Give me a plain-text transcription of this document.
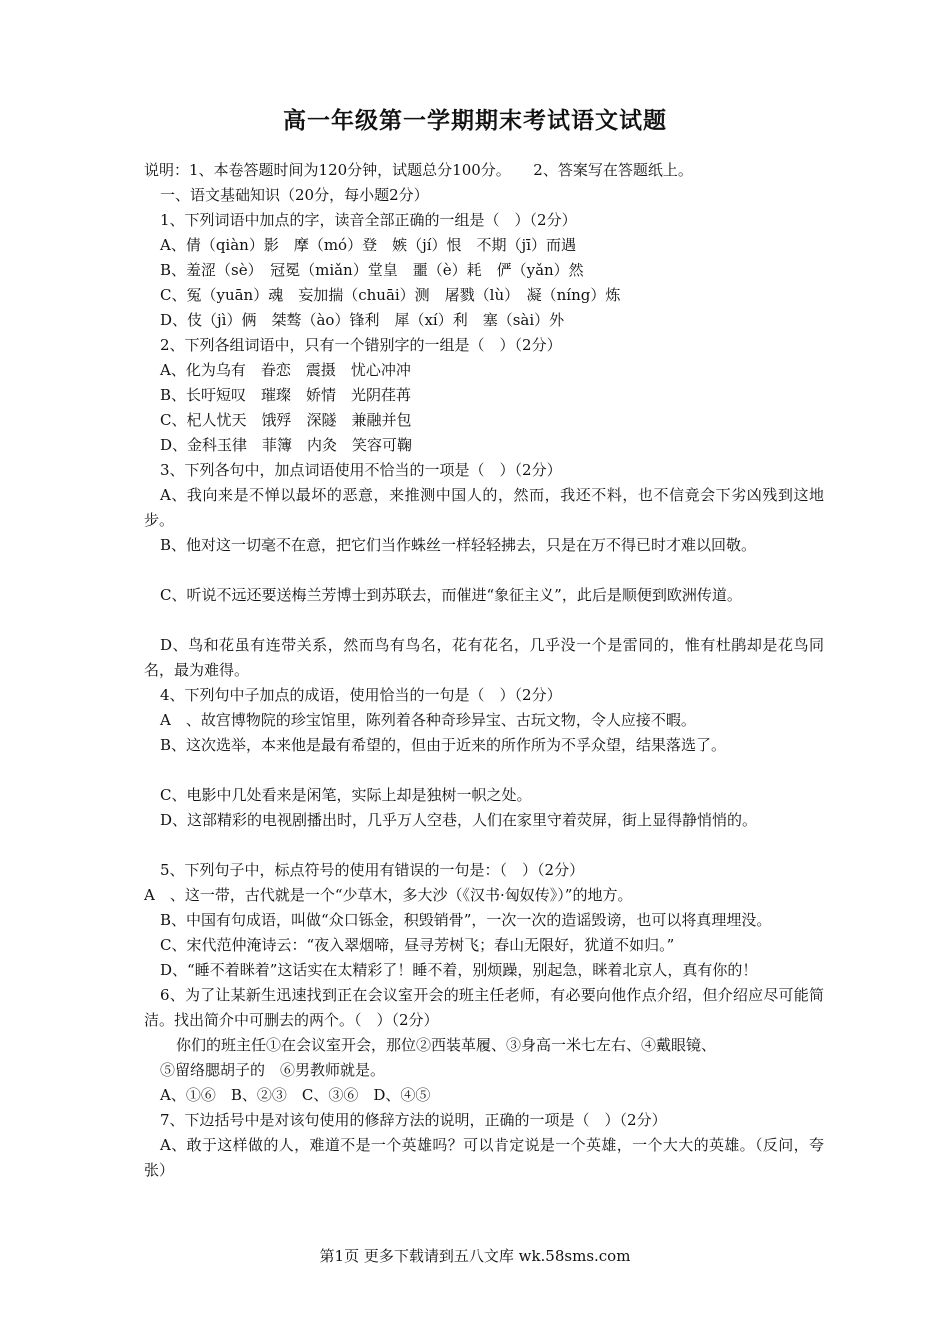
高一年级第一学期期末考试语文试题
说明：1、本卷答题时间为120分钟，试题总分100分。　　2、答案写在答题纸上。
一、语文基础知识（20分，每小题2分）
1、下列词语中加点的字，读音全部正确的一组是（　）（2分）
A、倩（qiàn）影　摩（mó）登　嫉（jí）恨　不期（jī）而遇
B、羞涩（sè）　冠冕（miǎn）堂皇　噩（è）耗　俨（yǎn）然
C、冤（yuān）魂　妄加揣（chuāi）测　屠戮（lù）　凝（níng）炼
D、伎（jì）俩　桀骜（ào）锋利　犀（xí）利　塞（sài）外
2、下列各组词语中，只有一个错别字的一组是（　）（2分）
A、化为乌有　眷恋　震摄　忧心冲冲
B、长吁短叹　璀璨　娇情　光阴荏苒
C、杞人忧天　饿殍　深隧　兼融并包
D、金科玉律　菲簿　内灸　笑容可鞠
3、下列各句中，加点词语使用不恰当的一项是（　）（2分）
A、我向来是不惮以最坏的恶意，来推测中国人的，然而，我还不料，也不信竟会下劣凶残到这地步。
B、他对这一切毫不在意，把它们当作蛛丝一样轻轻拂去，只是在万不得已时才难以回敬。
C、听说不远还要送梅兰芳博士到苏联去，而催进“象征主义”，此后是顺便到欧洲传道。
D、鸟和花虽有连带关系，然而鸟有鸟名，花有花名，几乎没一个是雷同的，惟有杜鹃却是花鸟同名，最为难得。
4、下列句中子加点的成语，使用恰当的一句是（　）（2分）
A　、故宫博物院的珍宝馆里，陈列着各种奇珍异宝、古玩文物，令人应接不暇。
B、这次选举，本来他是最有希望的，但由于近来的所作所为不孚众望，结果落选了。
C、电影中几处看来是闲笔，实际上却是独树一帜之处。
D、这部精彩的电视剧播出时，几乎万人空巷，人们在家里守着荧屏，街上显得静悄悄的。
5、下列句子中，标点符号的使用有错误的一句是：（　）（2分）
A　、这一带，古代就是一个“少草木，多大沙（《汉书·匈奴传》）”的地方。
B、中国有句成语，叫做“众口铄金，积毁销骨”，一次一次的造谣毁谤，也可以将真理埋没。
C、宋代范仲淹诗云：“夜入翠烟啼，昼寻芳树飞；春山无限好，犹道不如归。”
D、“睡不着眯着”这话实在太精彩了！睡不着，别烦躁，别起急，眯着北京人，真有你的！
6、为了让某新生迅速找到正在会议室开会的班主任老师，有必要向他作点介绍，但介绍应尽可能简洁。找出简介中可删去的两个。（　）（2分）
你们的班主任①在会议室开会，那位②西装革履、③身高一米七左右、④戴眼镜、
⑤留络腮胡子的　⑥男教师就是。
A、①⑥　B、②③　C、③⑥　D、④⑤
7、下边括号中是对该句使用的修辞方法的说明，正确的一项是（　）（2分）
A、敢于这样做的人，难道不是一个英雄吗？可以肯定说是一个英雄，一个大大的英雄。（反问，夸张）
第1页 更多下载请到五八文库 wk.58sms.com
